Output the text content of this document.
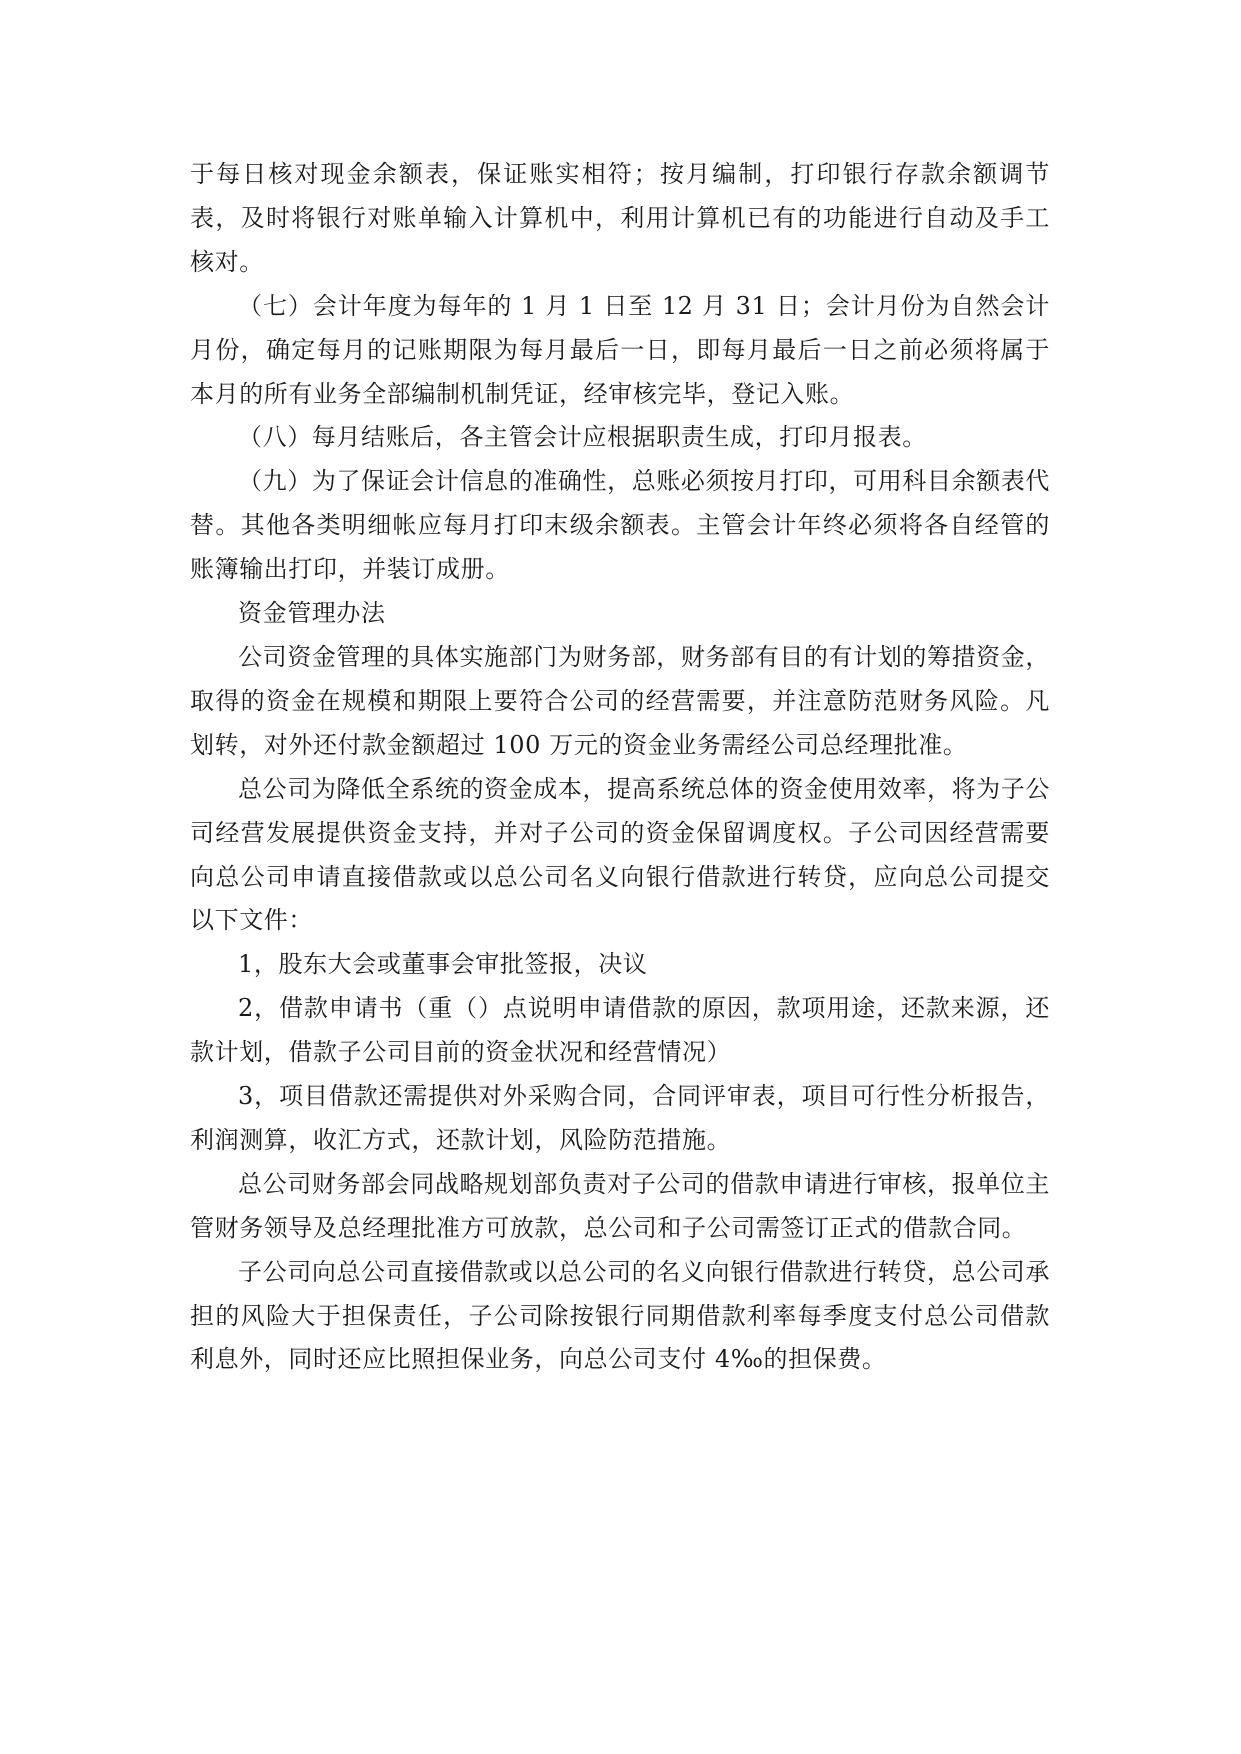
于每日核对现金余额表，保证账实相符；按月编制，打印银行存款余额调节表，及时将银行对账单输入计算机中，利用计算机已有的功能进行自动及手工核对。

（七）会计年度为每年的 1 月 1 日至 12 月 31 日；会计月份为自然会计月份，确定每月的记账期限为每月最后一日，即每月最后一日之前必须将属于本月的所有业务全部编制机制凭证，经审核完毕，登记入账。

（八）每月结账后，各主管会计应根据职责生成，打印月报表。

（九）为了保证会计信息的准确性，总账必须按月打印，可用科目余额表代替。其他各类明细帐应每月打印末级余额表。主管会计年终必须将各自经管的账簿输出打印，并装订成册。

资金管理办法

公司资金管理的具体实施部门为财务部，财务部有目的有计划的筹措资金，取得的资金在规模和期限上要符合公司的经营需要，并注意防范财务风险。凡划转，对外还付款金额超过 100 万元的资金业务需经公司总经理批准。

总公司为降低全系统的资金成本，提高系统总体的资金使用效率，将为子公司经营发展提供资金支持，并对子公司的资金保留调度权。子公司因经营需要向总公司申请直接借款或以总公司名义向银行借款进行转贷，应向总公司提交以下文件：

1，股东大会或董事会审批签报，决议

2，借款申请书（重（）点说明申请借款的原因，款项用途，还款来源，还款计划，借款子公司目前的资金状况和经营情况）

3，项目借款还需提供对外采购合同，合同评审表，项目可行性分析报告，利润测算，收汇方式，还款计划，风险防范措施。

总公司财务部会同战略规划部负责对子公司的借款申请进行审核，报单位主管财务领导及总经理批准方可放款，总公司和子公司需签订正式的借款合同。

子公司向总公司直接借款或以总公司的名义向银行借款进行转贷，总公司承担的风险大于担保责任，子公司除按银行同期借款利率每季度支付总公司借款利息外，同时还应比照担保业务，向总公司支付 4‰的担保费。
